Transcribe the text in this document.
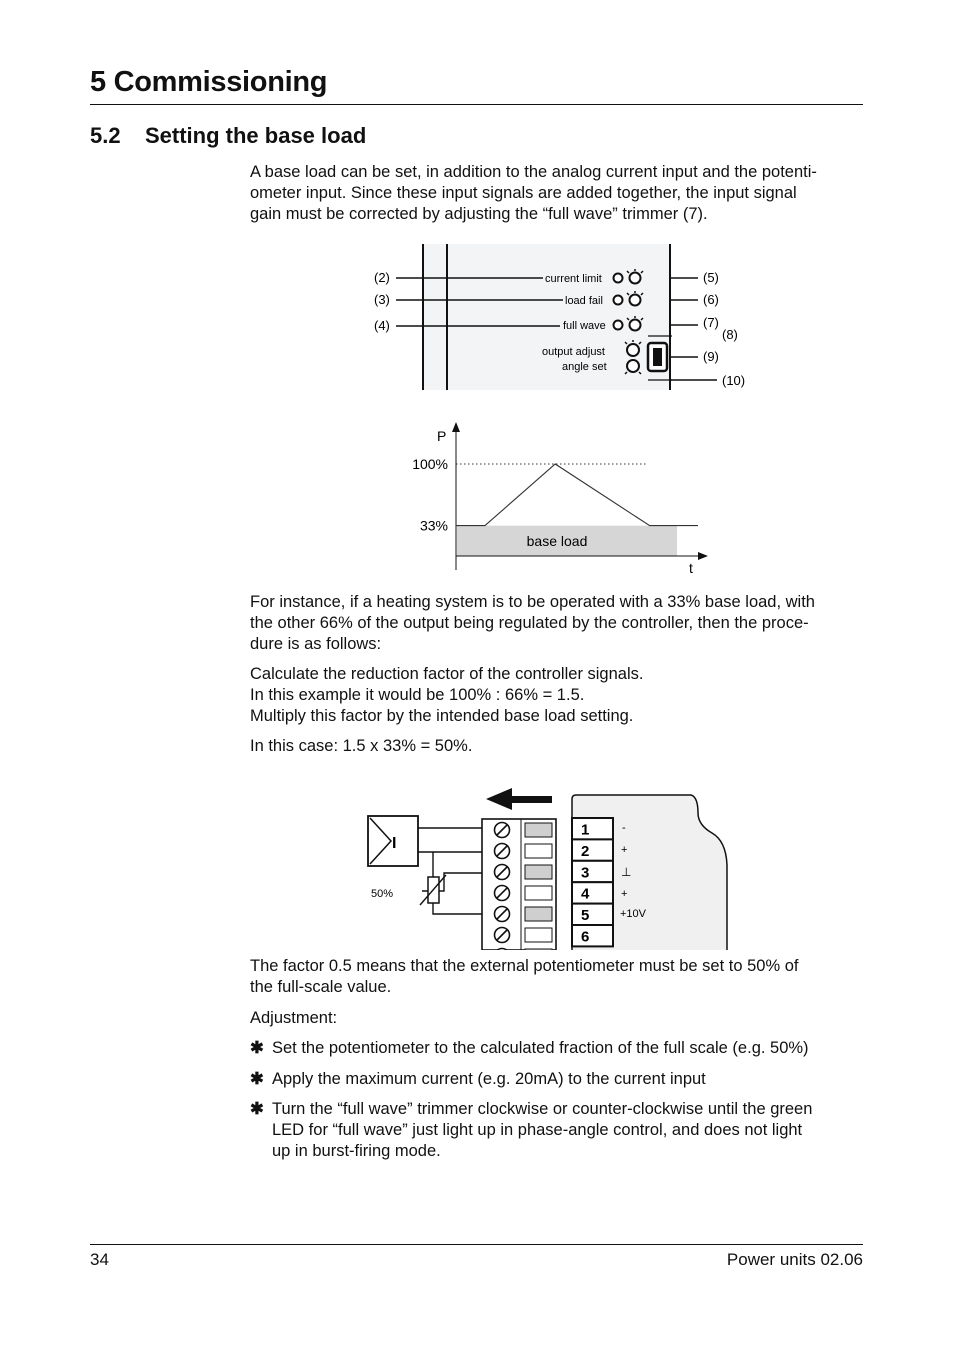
5 Commissioning
5.2 Setting the base load

A base load can be set, in addition to the analog current input and the potenti-
ometer input. Since these input signals are added together, the input signal
gain must be corrected by adjusting the “full wave” trimmer (7).

(2)
(3)
(4)
current limit
load fail
full wave
output adjust
angle set
(5)
(6)
(7)
(8)
(9)
(10)
P
t
100%
33%
base load

For instance, if a heating system is to be operated with a 33% base load, with
the other 66% of the output being regulated by the controller, then the proce-
dure is as follows:

Calculate the reduction factor of the controller signals.
In this example it would be 100% : 66% = 1.5.
Multiply this factor by the intended base load setting.

In this case: 1.5 x 33% = 50%.

I
50%
1
2
3
4
5
6
-
+
⊥
+
+10V

The factor 0.5 means that the external potentiometer must be set to 50% of
the full-scale value.

Adjustment:

✱ Set the potentiometer to the calculated fraction of the full scale (e.g. 50%)
✱ Apply the maximum current (e.g. 20mA) to the current input
✱ Turn the “full wave” trimmer clockwise or counter-clockwise until the green
LED for “full wave” just light up in phase-angle control, and does not light
up in burst-firing mode.
34	Power units 02.06
